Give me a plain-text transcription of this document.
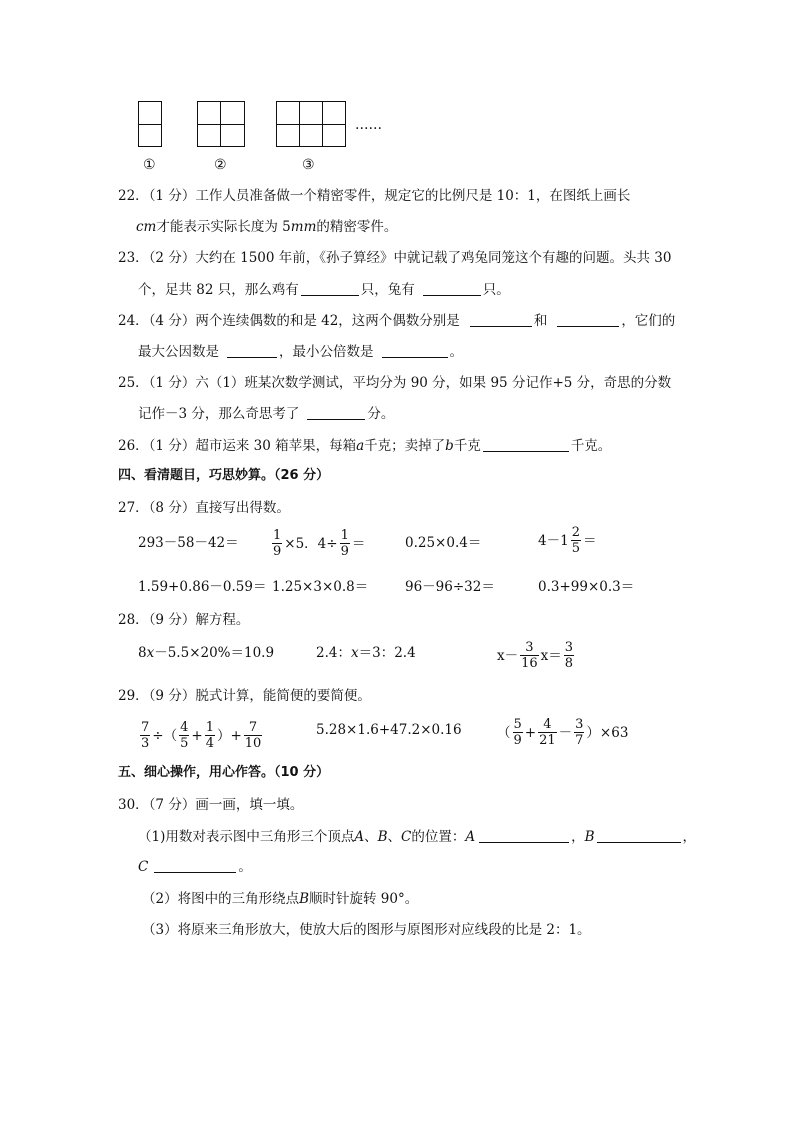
……
①	②	③
22．（1 分）工作人员准备做一个精密零件，规定它的比例尺是 10：1，在图纸上画长
cm才能表示实际长度为 5mm的精密零件。
23．（2 分）大约在 1500 年前，《孙子算经》中就记载了鸡兔同笼这个有趣的问题。头共 30
个，足共 82 只，那么鸡有	只，兔有	只。
24．（4 分）两个连续偶数的和是 42，这两个偶数分别是	和	，它们的
最大公因数是	，最小公倍数是	。
25．（1 分）六（1）班某次数学测试，平均分为 90 分，如果 95 分记作+5 分，奇思的分数
记作－3 分，那么奇思考了	分。
26．（1 分）超市运来 30 箱苹果，每箱a千克；卖掉了b千克	千克。
四、看清题目，巧思妙算。（26 分）
27．（8 分）直接写出得数。
293－58－42＝	$\frac{1}{9} \times 5$．$4\div \frac{1}{9}$ ＝	0.25×0.4＝	$4-1 \frac{2}{5}$ ＝
1.59+0.86－0.59＝ 1.25×3×0.8＝	96－96÷32＝	0.3+99×0.3＝
28．（9 分）解方程。
8x－5.5×20%＝10.9	2.4：x＝3：2.4	$x- \frac{3}{16} x= \frac{3}{8}$
29．（9 分）脱式计算，能简便的要简便。
$\frac{7}{3}$ ÷（ $\frac{4}{5} + \frac{1}{4}$ ）+ $\frac{7}{10}$	5.28×1.6+47.2×0.16	（ $\frac{5}{9} + \frac{4}{21} - \frac{3}{7} )\times 63$
五、细心操作，用心作答。（10 分）
30．（7 分）画一画，填一填。
（1)用数对表示图中三角形三个顶点A、B、C的位置：A	，B	，
C	。
（2）将图中的三角形绕点B顺时针旋转 90°。
（3）将原来三角形放大，使放大后的图形与原图形对应线段的比是 2：1。
